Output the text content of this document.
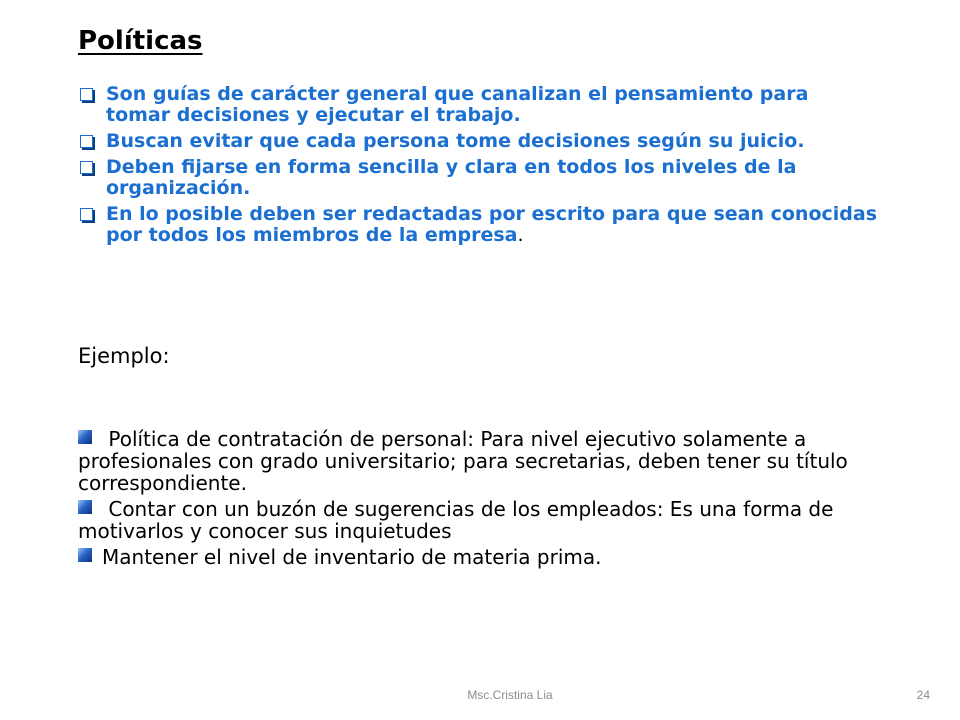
Políticas
Son guías de carácter general que canalizan el pensamiento para tomar decisiones y ejecutar el trabajo.
Buscan evitar que cada persona tome decisiones según su juicio.
Deben fijarse en forma sencilla y clara en todos los niveles de la organización.
En lo posible deben ser redactadas por escrito para que sean conocidas por todos los miembros de la empresa.

Ejemplo:

Política de contratación de personal: Para nivel ejecutivo solamente a profesionales con grado universitario; para secretarias, deben tener su título correspondiente.
Contar con un buzón de sugerencias de los empleados: Es una forma de motivarlos y conocer sus inquietudes
Mantener el nivel de inventario de materia prima.
Msc.Cristina Lia	24
